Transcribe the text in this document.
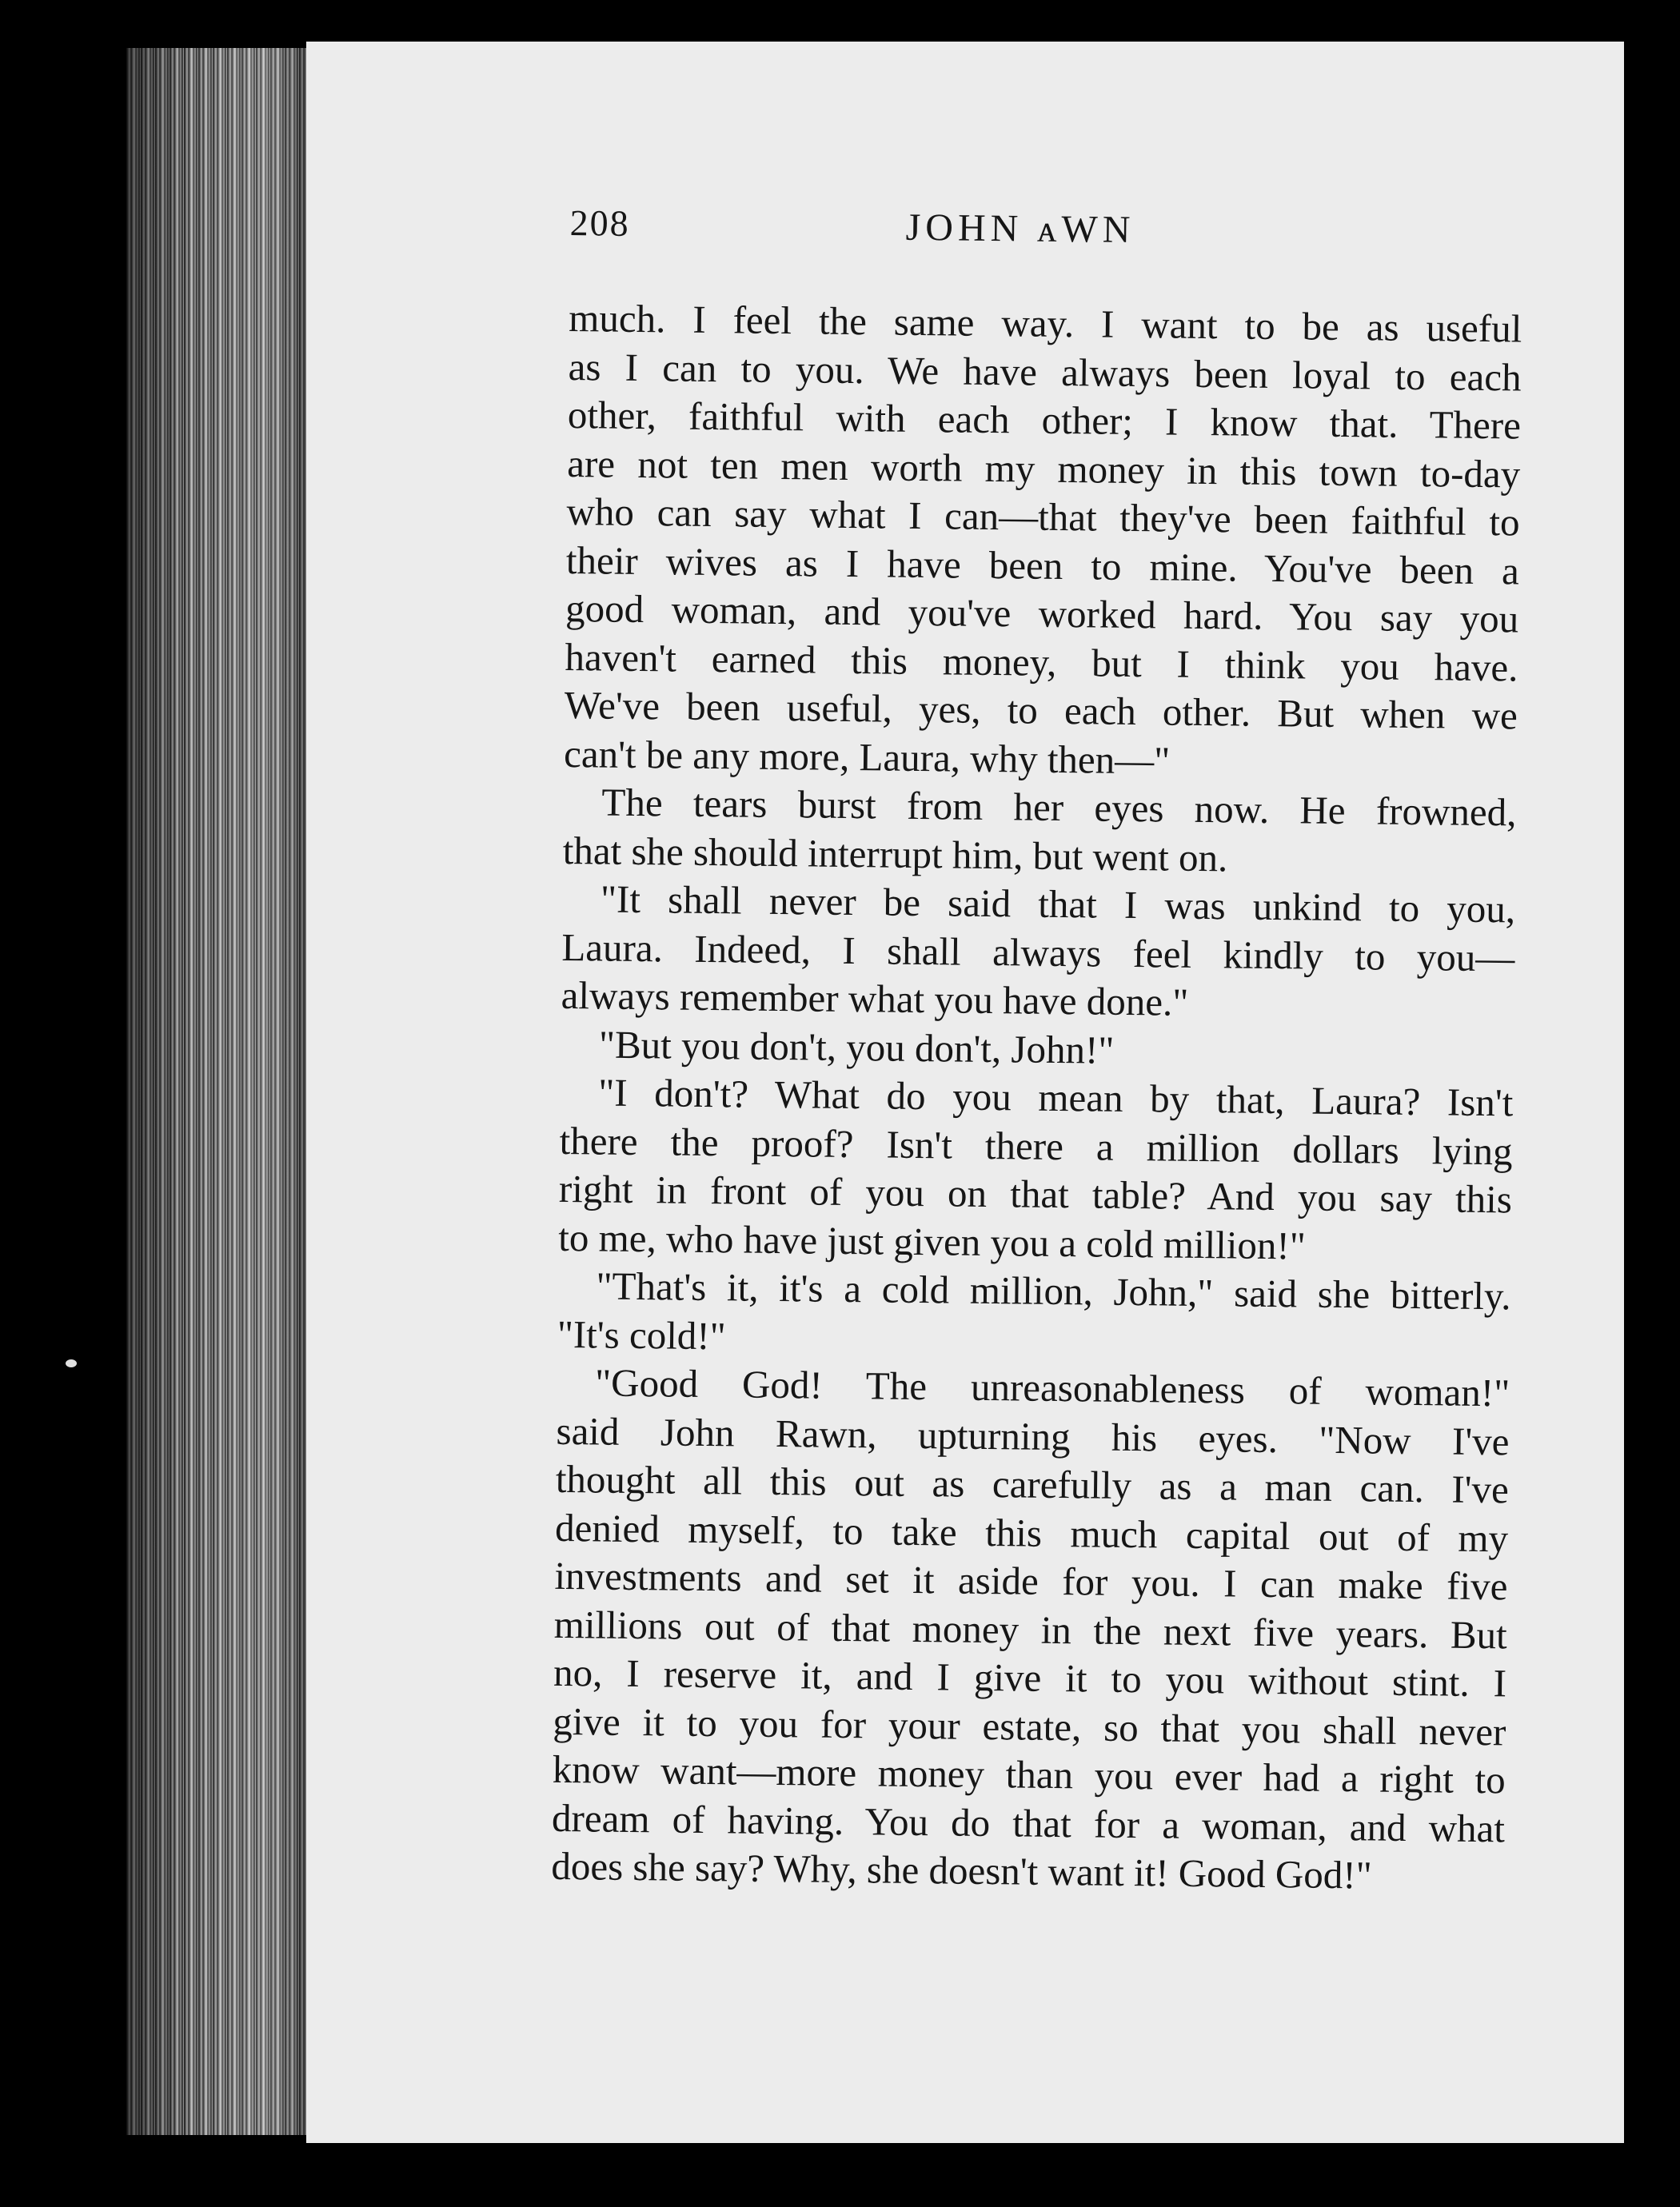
208	JOHN ᴀWN
much. I feel the same way. I want to be as useful
as I can to you. We have always been loyal to each
other, faithful with each other; I know that. There
are not ten men worth my money in this town to-day
who can say what I can—that they've been faithful to
their wives as I have been to mine. You've been a
good woman, and you've worked hard. You say you
haven't earned this money, but I think you have.
We've been useful, yes, to each other. But when we
can't be any more, Laura, why then—"
The tears burst from her eyes now. He frowned,
that she should interrupt him, but went on.
"It shall never be said that I was unkind to you,
Laura. Indeed, I shall always feel kindly to you—
always remember what you have done."
"But you don't, you don't, John!"
"I don't? What do you mean by that, Laura? Isn't
there the proof? Isn't there a million dollars lying
right in front of you on that table? And you say this
to me, who have just given you a cold million!"
"That's it, it's a cold million, John," said she bitterly.
"It's cold!"
"Good God! The unreasonableness of woman!"
said John Rawn, upturning his eyes. "Now I've
thought all this out as carefully as a man can. I've
denied myself, to take this much capital out of my
investments and set it aside for you. I can make five
millions out of that money in the next five years. But
no, I reserve it, and I give it to you without stint. I
give it to you for your estate, so that you shall never
know want—more money than you ever had a right to
dream of having. You do that for a woman, and what
does she say? Why, she doesn't want it! Good God!"
